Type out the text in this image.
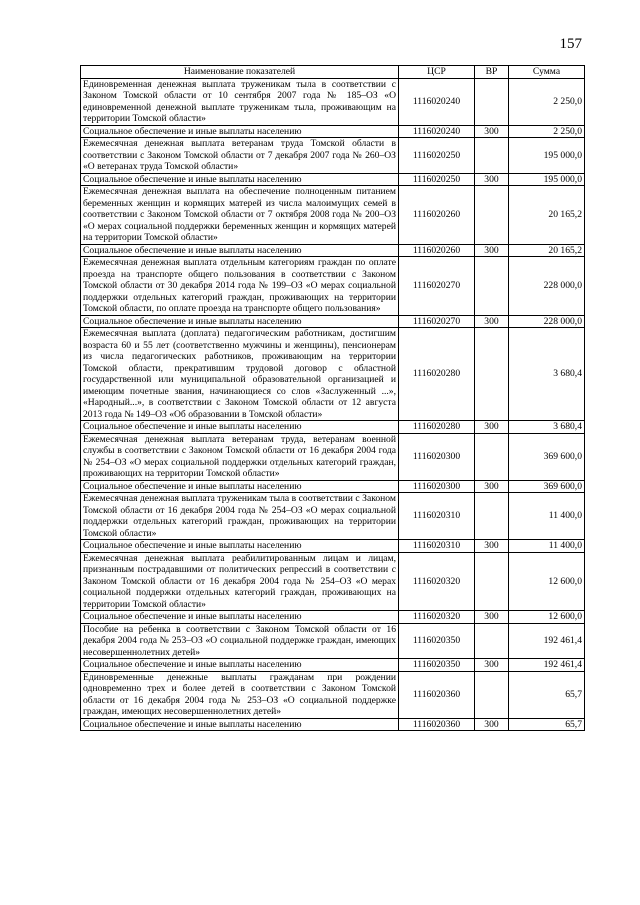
157
Наименование показателей	ЦСР	ВР	Сумма
Единовременная денежная выплата труженикам тыла в соответствии с Законом Томской области от 10 сентября 2007 года № 185–ОЗ «О единовременной денежной выплате труженикам тыла, проживающим на территории Томской области»	1116020240		2 250,0
Социальное обеспечение и иные выплаты населению	1116020240	300	2 250,0
Ежемесячная денежная выплата ветеранам труда Томской области в соответствии с Законом Томской области от 7 декабря 2007 года № 260–ОЗ «О ветеранах труда Томской области»	1116020250		195 000,0
Социальное обеспечение и иные выплаты населению	1116020250	300	195 000,0
Ежемесячная денежная выплата на обеспечение полноценным питанием беременных женщин и кормящих матерей из числа малоимущих семей в соответствии с Законом Томской области от 7 октября 2008 года № 200–ОЗ «О мерах социальной поддержки беременных женщин и кормящих матерей на территории Томской области»	1116020260		20 165,2
Социальное обеспечение и иные выплаты населению	1116020260	300	20 165,2
Ежемесячная денежная выплата отдельным категориям граждан по оплате проезда на транспорте общего пользования в соответствии с Законом Томской области от 30 декабря 2014 года № 199–ОЗ «О мерах социальной поддержки отдельных категорий граждан, проживающих на территории Томской области, по оплате проезда на транспорте общего пользования»	1116020270		228 000,0
Социальное обеспечение и иные выплаты населению	1116020270	300	228 000,0
Ежемесячная выплата (доплата) педагогическим работникам, достигшим возраста 60 и 55 лет (соответственно мужчины и женщины), пенсионерам из числа педагогических работников, проживающим на территории Томской области, прекратившим трудовой договор с областной государственной или муниципальной образовательной организацией и имеющим почетные звания, начинающиеся со слов «Заслуженный ...», «Народный...», в соответствии с Законом Томской области от 12 августа 2013 года № 149–ОЗ «Об образовании в Томской области»	1116020280		3 680,4
Социальное обеспечение и иные выплаты населению	1116020280	300	3 680,4
Ежемесячная денежная выплата ветеранам труда, ветеранам военной службы в соответствии с Законом Томской области от 16 декабря 2004 года № 254–ОЗ «О мерах социальной поддержки отдельных категорий граждан, проживающих на территории Томской области»	1116020300		369 600,0
Социальное обеспечение и иные выплаты населению	1116020300	300	369 600,0
Ежемесячная денежная выплата труженикам тыла в соответствии с Законом Томской области от 16 декабря 2004 года № 254–ОЗ «О мерах социальной поддержки отдельных категорий граждан, проживающих на территории Томской области»	1116020310		11 400,0
Социальное обеспечение и иные выплаты населению	1116020310	300	11 400,0
Ежемесячная денежная выплата реабилитированным лицам и лицам, признанным пострадавшими от политических репрессий в соответствии с Законом Томской области от 16 декабря 2004 года № 254–ОЗ «О мерах социальной поддержки отдельных категорий граждан, проживающих на территории Томской области»	1116020320		12 600,0
Социальное обеспечение и иные выплаты населению	1116020320	300	12 600,0
Пособие на ребенка в соответствии с Законом Томской области от 16 декабря 2004 года № 253–ОЗ «О социальной поддержке граждан, имеющих несовершеннолетних детей»	1116020350		192 461,4
Социальное обеспечение и иные выплаты населению	1116020350	300	192 461,4
Единовременные денежные выплаты гражданам при рождении одновременно трех и более детей в соответствии с Законом Томской области от 16 декабря 2004 года № 253–ОЗ «О социальной поддержке граждан, имеющих несовершеннолетних детей»	1116020360		65,7
Социальное обеспечение и иные выплаты населению	1116020360	300	65,7
